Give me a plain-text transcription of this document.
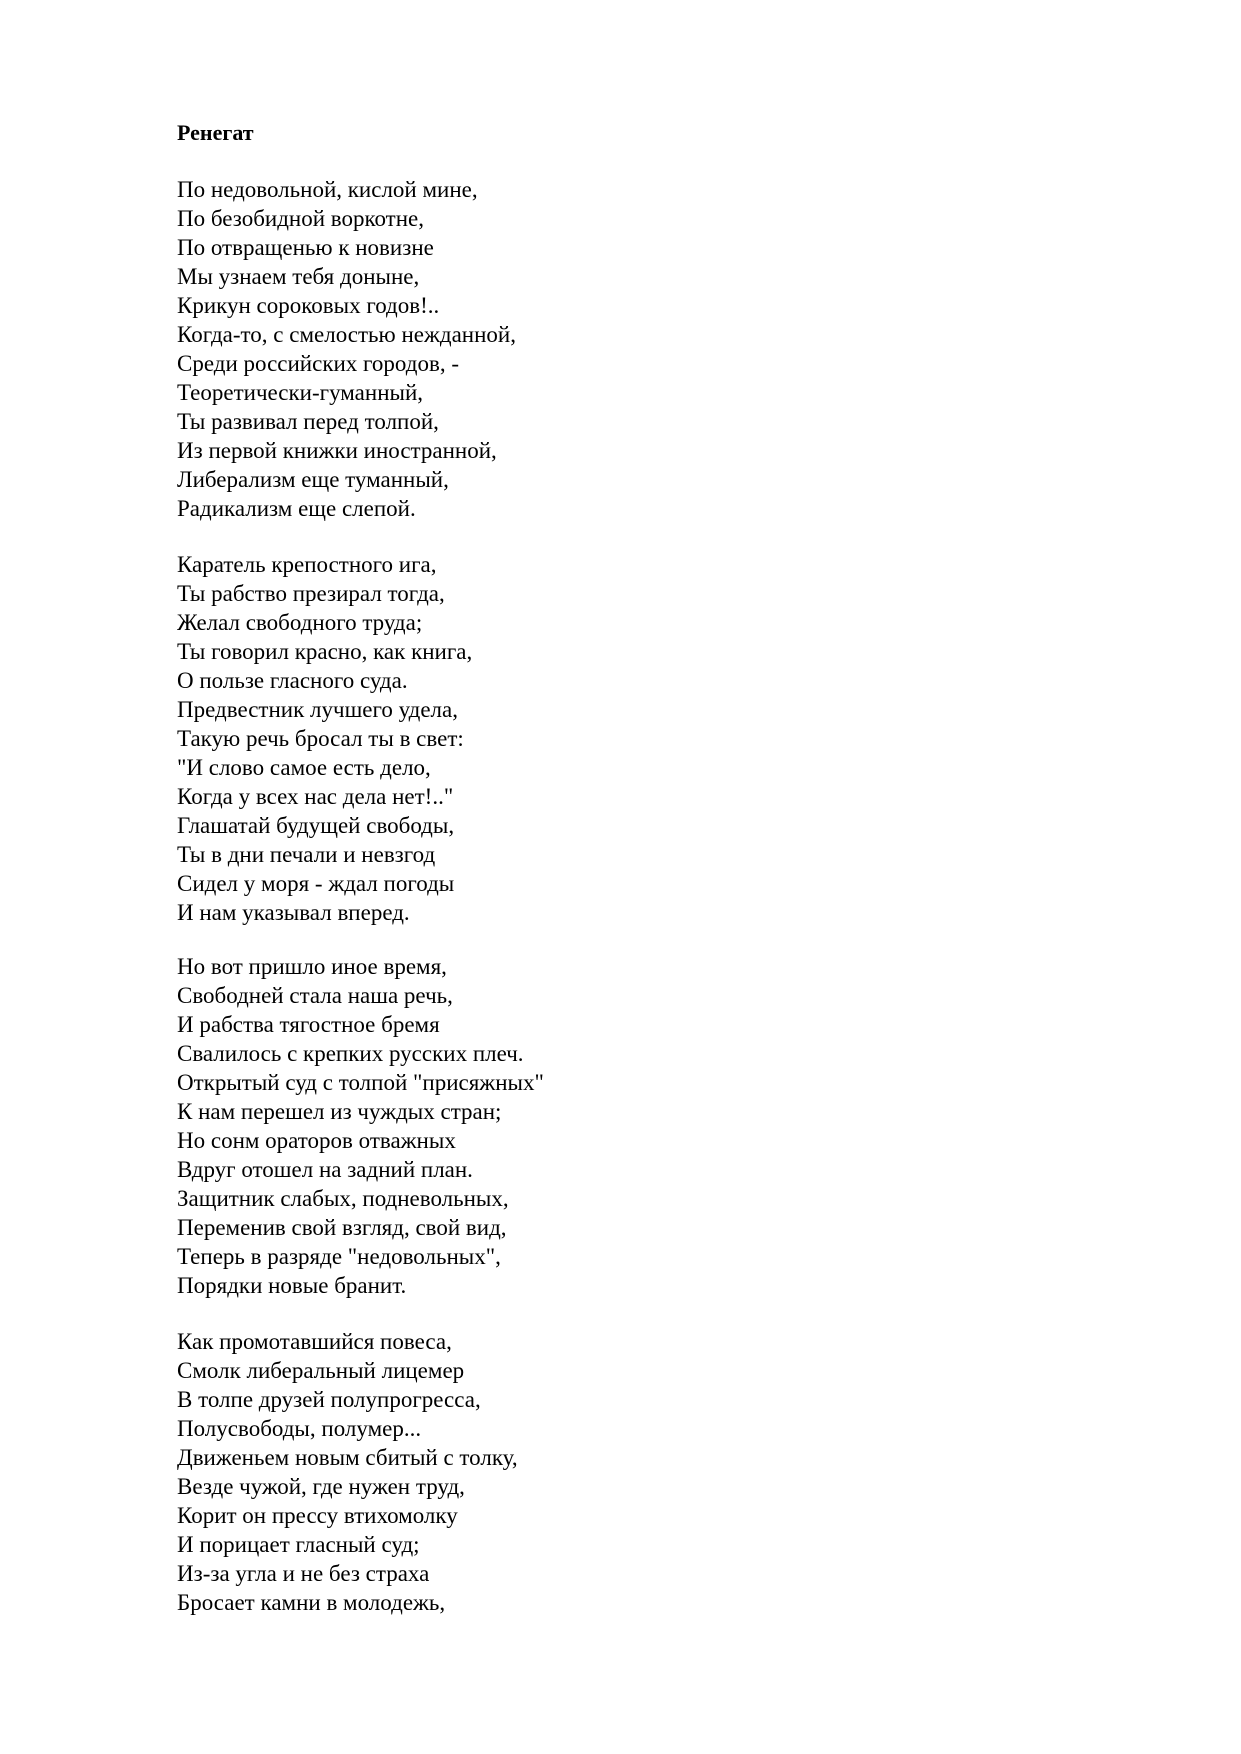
Ренегат
По недовольной, кислой мине,
По безобидной воркотне,
По отвращенью к новизне
Мы узнаем тебя доныне,
Крикун сороковых годов!..
Когда-то, с смелостью нежданной,
Среди российских городов, -
Теоретически-гуманный,
Ты развивал перед толпой,
Из первой книжки иностранной,
Либерализм еще туманный,
Радикализм еще слепой.
Каратель крепостного ига,
Ты рабство презирал тогда,
Желал свободного труда;
Ты говорил красно, как книга,
О пользе гласного суда.
Предвестник лучшего удела,
Такую речь бросал ты в свет:
"И слово самое есть дело,
Когда у всех нас дела нет!.."
Глашатай будущей свободы,
Ты в дни печали и невзгод
Сидел у моря - ждал погоды
И нам указывал вперед.
Но вот пришло иное время,
Свободней стала наша речь,
И рабства тягостное бремя
Свалилось с крепких русских плеч.
Открытый суд с толпой "присяжных"
К нам перешел из чуждых стран;
Но сонм ораторов отважных
Вдруг отошел на задний план.
Защитник слабых, подневольных,
Переменив свой взгляд, свой вид,
Теперь в разряде "недовольных",
Порядки новые бранит.
Как промотавшийся повеса,
Смолк либеральный лицемер
В толпе друзей полупрогресса,
Полусвободы, полумер...
Движеньем новым сбитый с толку,
Везде чужой, где нужен труд,
Корит он прессу втихомолку
И порицает гласный суд;
Из-за угла и не без страха
Бросает камни в молодежь,
